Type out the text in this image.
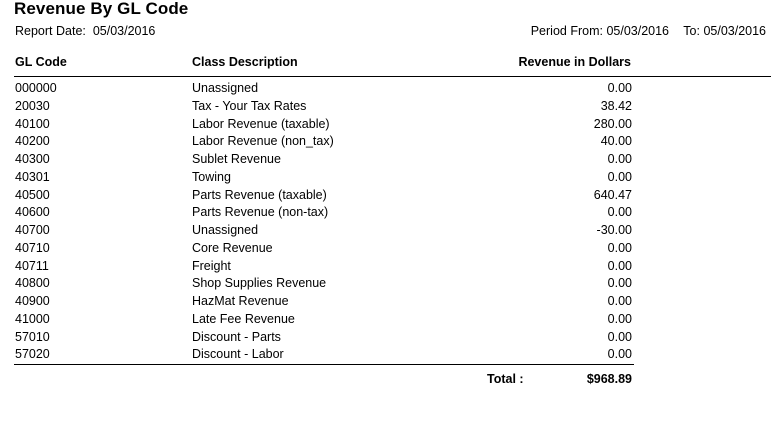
Revenue By GL Code
Report Date: 05/03/2016	Period From: 05/03/2016 To: 05/03/2016
GL Code	Class Description	Revenue in Dollars
000000	Unassigned	0.00
20030	Tax - Your Tax Rates	38.42
40100	Labor Revenue (taxable)	280.00
40200	Labor Revenue (non_tax)	40.00
40300	Sublet Revenue	0.00
40301	Towing	0.00
40500	Parts Revenue (taxable)	640.47
40600	Parts Revenue (non-tax)	0.00
40700	Unassigned	-30.00
40710	Core Revenue	0.00
40711	Freight	0.00
40800	Shop Supplies Revenue	0.00
40900	HazMat Revenue	0.00
41000	Late Fee Revenue	0.00
57010	Discount - Parts	0.00
57020	Discount - Labor	0.00
Total :	$968.89
